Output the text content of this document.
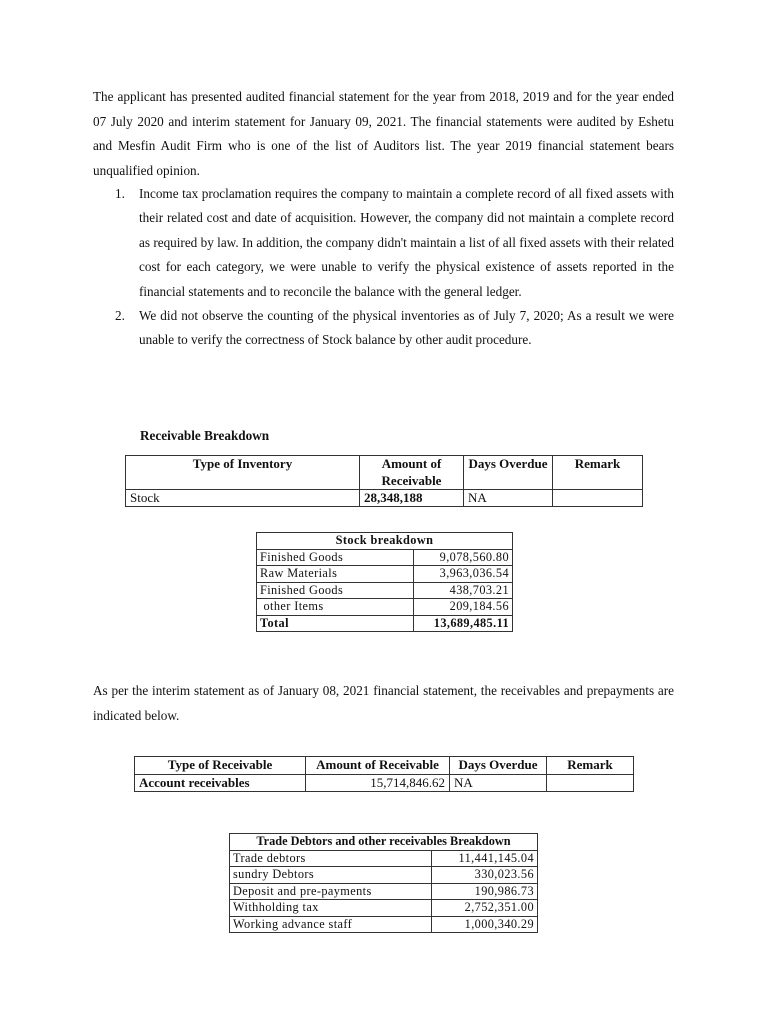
The applicant has presented audited financial statement for the year from 2018, 2019 and for the year ended 07 July 2020 and interim statement for January 09, 2021. The financial statements were audited by Eshetu and Mesfin Audit Firm who is one of the list of Auditors list. The year 2019 financial statement bears unqualified opinion.
1. Income tax proclamation requires the company to maintain a complete record of all fixed assets with their related cost and date of acquisition. However, the company did not maintain a complete record as required by law. In addition, the company didn't maintain a list of all fixed assets with their related cost for each category, we were unable to verify the physical existence of assets reported in the financial statements and to reconcile the balance with the general ledger.
2. We did not observe the counting of the physical inventories as of July 7, 2020; As a result we were unable to verify the correctness of Stock balance by other audit procedure.
Receivable Breakdown
Type of Inventory	Amount of Receivable	Days Overdue	Remark
Stock	28,348,188	NA	
Stock breakdown	
Finished Goods	9,078,560.80
Raw Materials	3,963,036.54
Finished Goods	438,703.21
other Items	209,184.56
Total	13,689,485.11
As per the interim statement as of January 08, 2021 financial statement, the receivables and prepayments are indicated below.
Type of Receivable	Amount of Receivable	Days Overdue	Remark
Account receivables	15,714,846.62	NA	
Trade Debtors and other receivables Breakdown	
Trade debtors	11,441,145.04
sundry Debtors	330,023.56
Deposit and pre-payments	190,986.73
Withholding tax	2,752,351.00
Working advance staff	1,000,340.29
